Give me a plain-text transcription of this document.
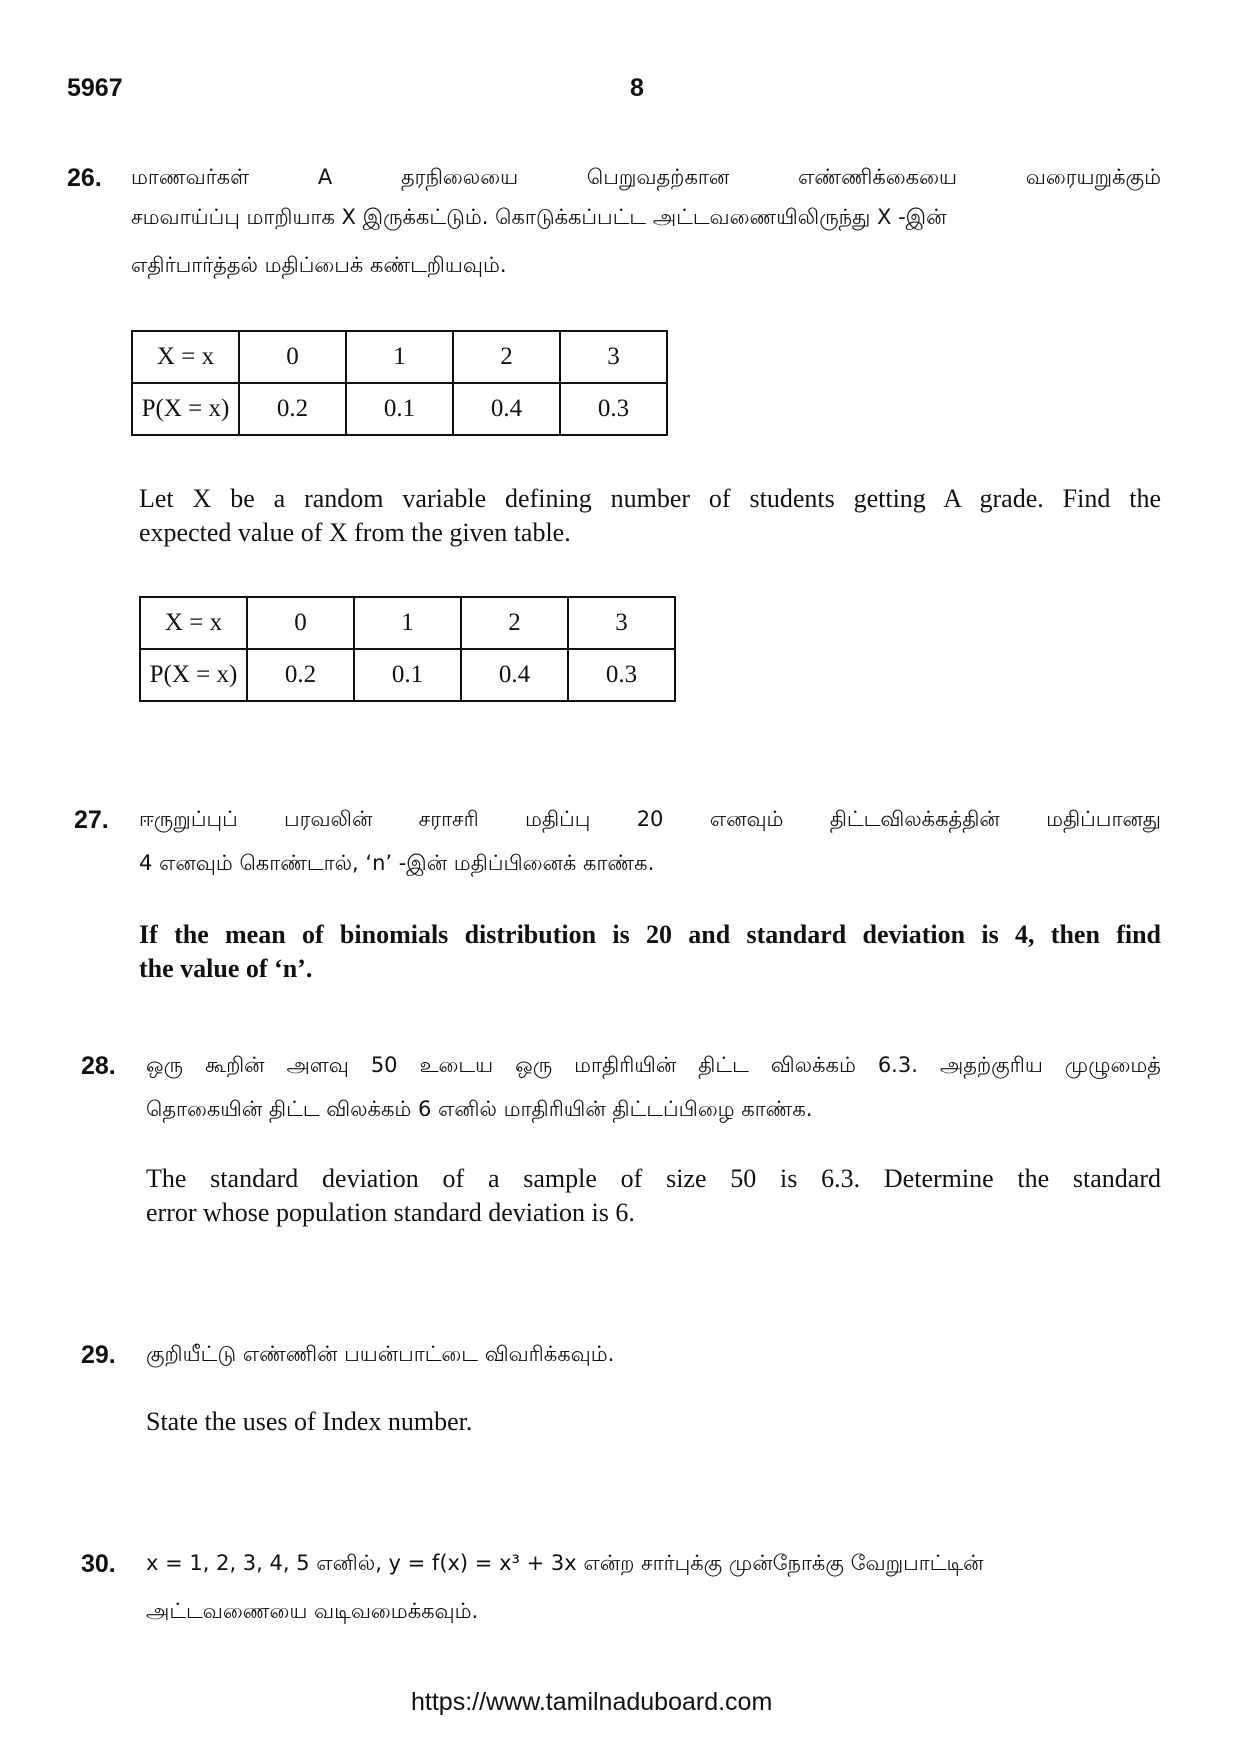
5967	8
26. மாணவர்கள் A தரநிலையை பெறுவதற்கான எண்ணிக்கையை வரையறுக்கும்
சமவாய்ப்பு மாறியாக X இருக்கட்டும். கொடுக்கப்பட்ட அட்டவணையிலிருந்து X -இன்
எதிர்பார்த்தல் மதிப்பைக் கண்டறியவும்.
X = x	0	1	2	3
P(X = x)	0.2	0.1	0.4	0.3
Let X be a random variable defining number of students getting A grade. Find the
expected value of X from the given table.
X = x	0	1	2	3
P(X = x)	0.2	0.1	0.4	0.3
27. ஈருறுப்புப் பரவலின் சராசரி மதிப்பு 20 எனவும் திட்டவிலக்கத்தின் மதிப்பானது
4 எனவும் கொண்டால், ‘n’ -இன் மதிப்பினைக் காண்க.
If the mean of binomials distribution is 20 and standard deviation is 4, then find
the value of ‘n’.
28. ஒரு கூறின் அளவு 50 உடைய ஒரு மாதிரியின் திட்ட விலக்கம் 6.3. அதற்குரிய முழுமைத்
தொகையின் திட்ட விலக்கம் 6 எனில் மாதிரியின் திட்டப்பிழை காண்க.
The standard deviation of a sample of size 50 is 6.3. Determine the standard
error whose population standard deviation is 6.
29. குறியீட்டு எண்ணின் பயன்பாட்டை விவரிக்கவும்.
State the uses of Index number.
30. x = 1, 2, 3, 4, 5 எனில், y = f(x) = x³ + 3x என்ற சார்புக்கு முன்நோக்கு வேறுபாட்டின்
அட்டவணையை வடிவமைக்கவும்.
https://www.tamilnaduboard.com
